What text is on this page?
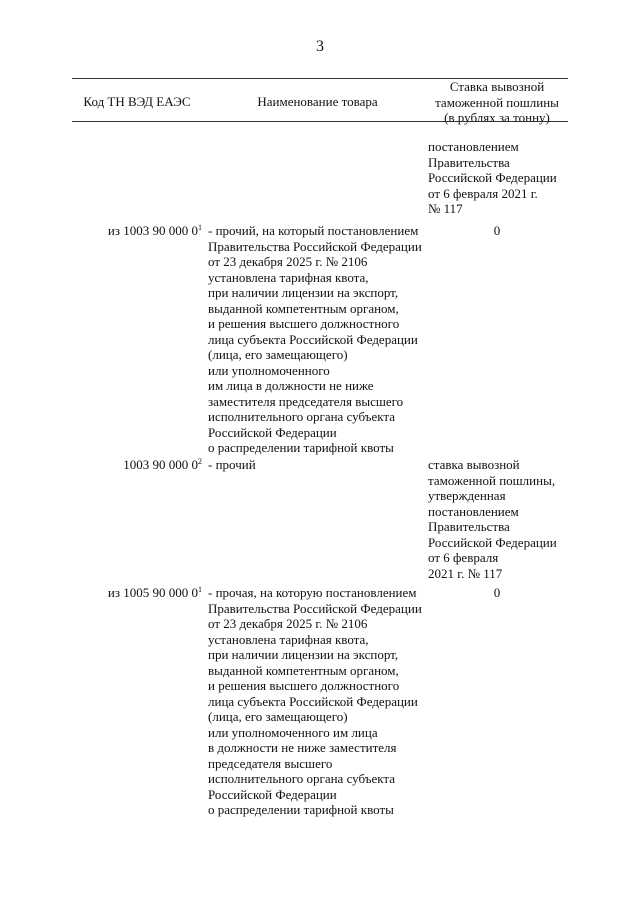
3
Код ТН ВЭД ЕАЭС	Наименование товара
Ставка вывозной
таможенной пошлины
(в рублях за тонну)
постановлением
Правительства
Российской Федерации
от 6 февраля 2021 г.
№ 117
из 1003 90 000 $0^1$ - прочий, на который постановлением
Правительства Российской Федерации
от 23 декабря 2025 г. № 2106
установлена тарифная квота,
при наличии лицензии на экспорт,
выданной компетентным органом,
и решения высшего должностного
лица субъекта Российской Федерации
(лица, его замещающего)
или уполномоченного
им лица в должности не ниже
заместителя председателя высшего
исполнительного органа субъекта
Российской Федерации
о распределении тарифной квоты
0
1003 90 000 $0^2$ - прочий	ставка вывозной
таможенной пошлины,
утвержденная
постановлением
Правительства
Российской Федерации
от 6 февраля
2021 г. № 117
из 1005 90 000 $0^1$ - прочая, на которую постановлением
Правительства Российской Федерации
от 23 декабря 2025 г. № 2106
установлена тарифная квота,
при наличии лицензии на экспорт,
выданной компетентным органом,
и решения высшего должностного
лица субъекта Российской Федерации
(лица, его замещающего)
или уполномоченного им лица
в должности не ниже заместителя
председателя высшего
исполнительного органа субъекта
Российской Федерации
о распределении тарифной квоты
0
